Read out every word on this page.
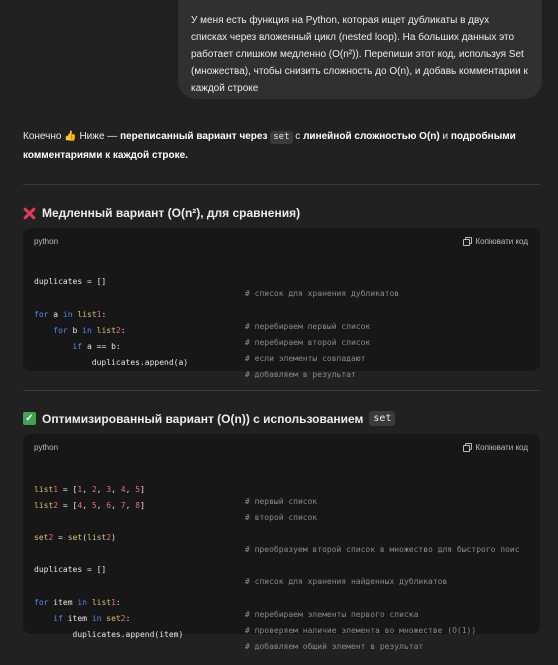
У меня есть функция на Python, которая ищет дубликаты в двух списках через вложенный цикл (nested loop). На больших данных это работает слишком медленно (O(n²)). Перепиши этот код, используя Set (множества), чтобы снизить сложность до O(n), и добавь комментарии к каждой строке
Конечно 👍 Ниже — переписанный вариант через set с линейной сложностью O(n) и подробными комментариями к каждой строке.
Медленный вариант (O(n²), для сравнения)
python	Копіювати код

duplicates = []

# список для хранения дубликатов

for a in list1:

# перебираем первый список

for b in list2:

# перебираем второй список

if a == b:

# если элементы совпадают

duplicates.append(a)

# добавляем в результат

✓ Оптимизированный вариант (O(n)) с использованием	set
python	Копіювати код

list1 = [1, 2, 3, 4, 5]

# первый список

list2 = [4, 5, 6, 7, 8]

# второй список

set2 = set(list2)

# преобразуем второй список в множество для быстрого поис

duplicates = []

# список для хранения найденных дубликатов

for item in list1:

# перебираем элементы первого списка

if item in set2:

# проверяем наличие элемента во множестве (O(1))

duplicates.append(item)

# добавляем общий элемент в результат
